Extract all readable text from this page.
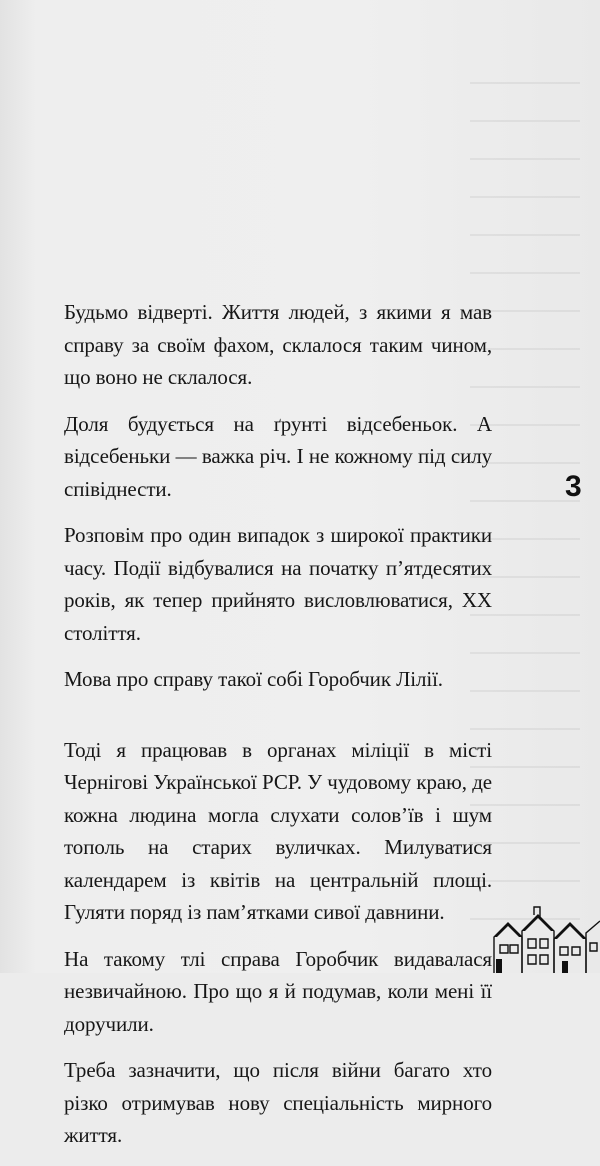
Будьмо відверті. Життя людей, з якими я мав справу за своїм фахом, склалося таким чином, що воно не склалося.

Доля будується на ґрунті відсебеньок. А відсебеньки — важка річ. І не кожному під силу співіднести.

Розповім про один випадок з широкої практики часу. Події відбувалися на початку п’ятдесятих років, як тепер прийнято висловлюватися, XX століття.

Мова про справу такої собі Горобчик Лілії.

Тоді я працював в органах міліції в місті Чернігові Української РСР. У чудовому краю, де кожна людина могла слухати солов’їв і шум тополь на старих вуличках. Милуватися календарем із квітів на центральній площі. Гуляти поряд із пам’ятками сивої давнини.

На такому тлі справа Горобчик видавалася незвичайною. Про що я й подумав, коли мені її доручили.

Треба зазначити, що після війни багато хто різко отримував нову спеціальність мирного життя.

3
